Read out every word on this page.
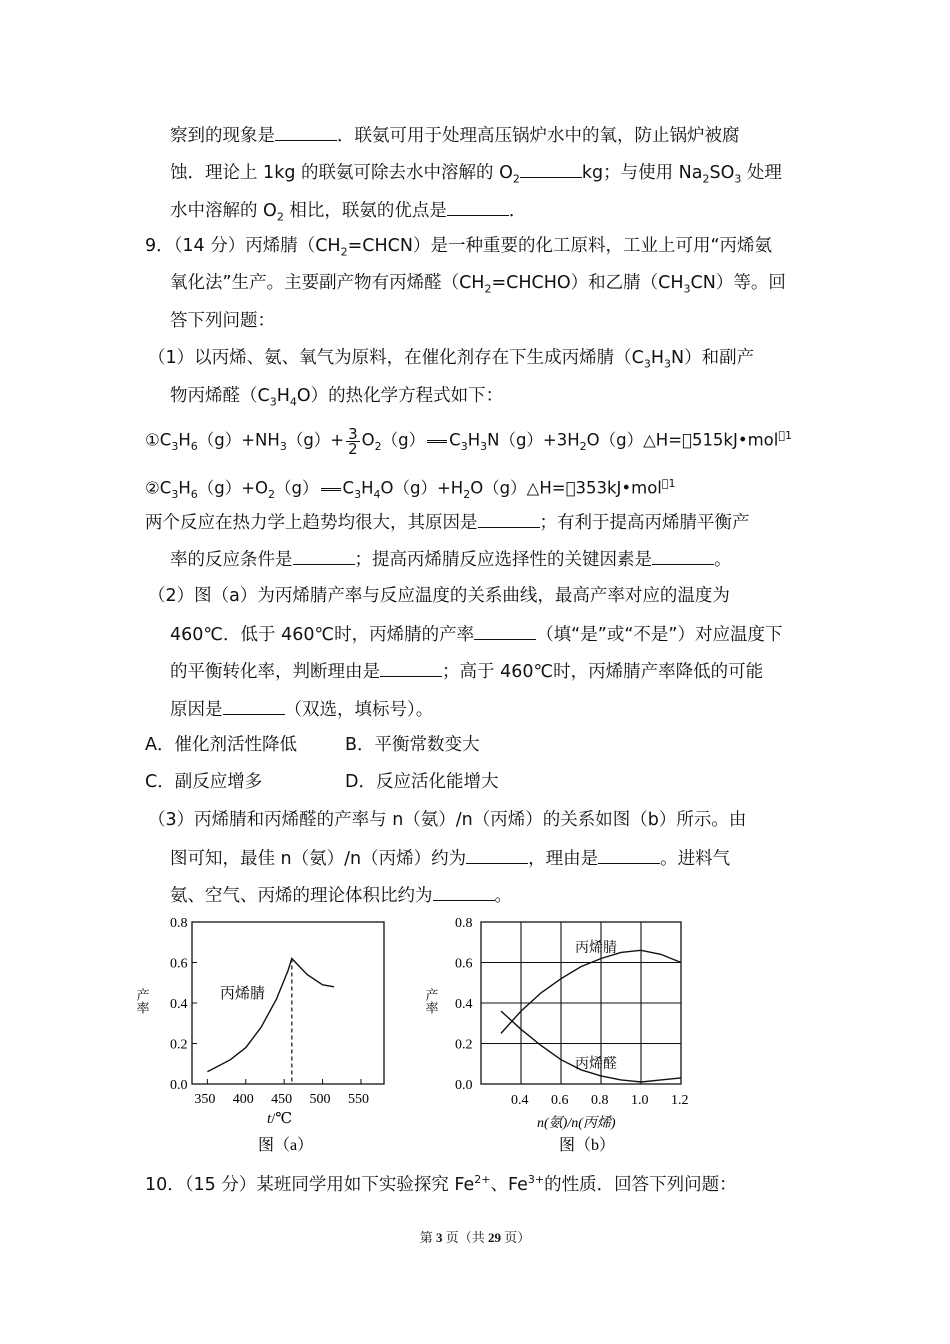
察到的现象是	．联氨可用于处理高压锅炉水中的氧，防止锅炉被腐
蚀．理论上 1kg 的联氨可除去水中溶解的 $O_2$	kg；与使用 $Na_2SO_3$ 处理
水中溶解的 $O_2$ 相比，联氨的优点是	．
9．（14 分）丙烯腈$(CH_2=CHCN)$是一种重要的化工原料，工业上可用“丙烯氨
氧化法”生产。主要副产物有丙烯醛$(CH_2=CHCHO)$和乙腈$(CH_3CN)$等。回
答下列问题：
（1）以丙烯、氨、氧气为原料，在催化剂存在下生成丙烯腈$(C_3H_3N)$和副产
物丙烯醛$(C_3H_4O)$的热化学方程式如下：
$①C_3H_6(g)+NH_3(g)+ \frac{3}{2} O_2(g)$ $C_3H_3N(g)+3H_2O(g)\triangle H= 515kJ•mol^{ 1}$
$②C_3H_6(g)+O_2(g)$ $C_3H_4O(g)+H_2O(g)\triangle H= 353kJ•mol^{ 1}$
两个反应在热力学上趋势均很大，其原因是	；有利于提高丙烯腈平衡产
率的反应条件是	；提高丙烯腈反应选择性的关键因素是	。
（2）图（a）为丙烯腈产率与反应温度的关系曲线，最高产率对应的温度为
460℃．低于 460℃时，丙烯腈的产率	（填“是”或“不是”）对应温度下
的平衡转化率，判断理由是	；高于 460℃时，丙烯腈产率降低的可能
原因是	（双选，填标号）。
A．催化剂活性降低	B．平衡常数变大
C．副反应增多	D．反应活化能增大
（3）丙烯腈和丙烯醛的产率与 n（氨）/n（丙烯）的关系如图（b）所示。由
图可知，最佳 n（氨）/n（丙烯）约为	，理由是	。进料气
氨、空气、丙烯的理论体积比约为	。
0.8
0.6
0.4
0.2
0.0
350 400 450 500 550
丙烯腈
产率
t/℃
图（a）
0.8
0.6
0.4
0.2
0.0
0.4 0.6 0.8 1.0 1.2
丙烯腈
丙烯醛
产率
n(氨)/n(丙烯)
图（b）
10．（15 分）某班同学用如下实验探究 $Fe^{2+}$、$Fe^{3+}$的性质．回答下列问题：
第 3 页（共 29 页）
